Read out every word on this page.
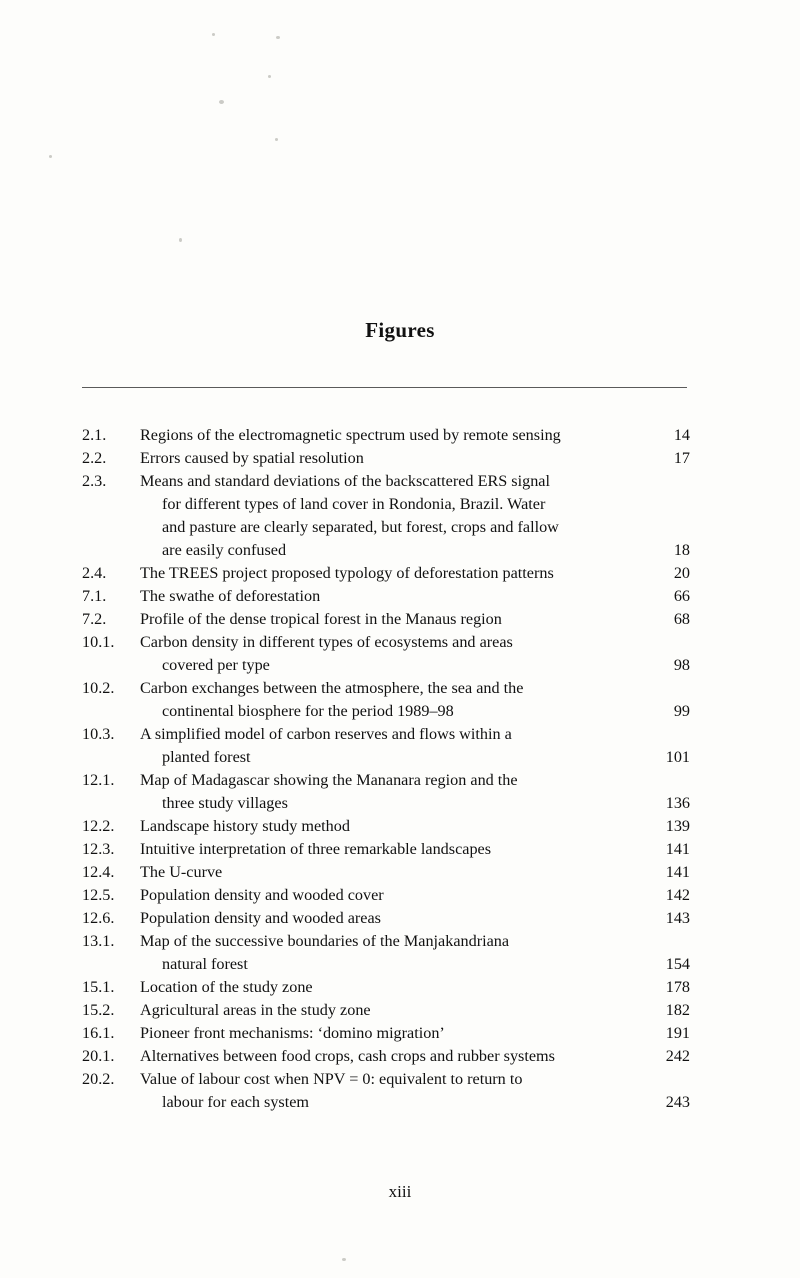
Figures
2.1.	Regions of the electromagnetic spectrum used by remote sensing	14
2.2.	Errors caused by spatial resolution	17
2.3.	Means and standard deviations of the backscattered ERS signal
for different types of land cover in Rondonia, Brazil. Water
and pasture are clearly separated, but forest, crops and fallow
are easily confused	18
2.4.	The TREES project proposed typology of deforestation patterns	20
7.1.	The swathe of deforestation	66
7.2.	Profile of the dense tropical forest in the Manaus region	68
10.1.	Carbon density in different types of ecosystems and areas
covered per type	98
10.2.	Carbon exchanges between the atmosphere, the sea and the
continental biosphere for the period 1989–98	99
10.3.	A simplified model of carbon reserves and flows within a
planted forest	101
12.1.	Map of Madagascar showing the Mananara region and the
three study villages	136
12.2.	Landscape history study method	139
12.3.	Intuitive interpretation of three remarkable landscapes	141
12.4.	The U-curve	141
12.5.	Population density and wooded cover	142
12.6.	Population density and wooded areas	143
13.1.	Map of the successive boundaries of the Manjakandriana
natural forest	154
15.1.	Location of the study zone	178
15.2.	Agricultural areas in the study zone	182
16.1.	Pioneer front mechanisms: ‘domino migration’	191
20.1.	Alternatives between food crops, cash crops and rubber systems	242
20.2.	Value of labour cost when NPV = 0: equivalent to return to
labour for each system	243
xiii
